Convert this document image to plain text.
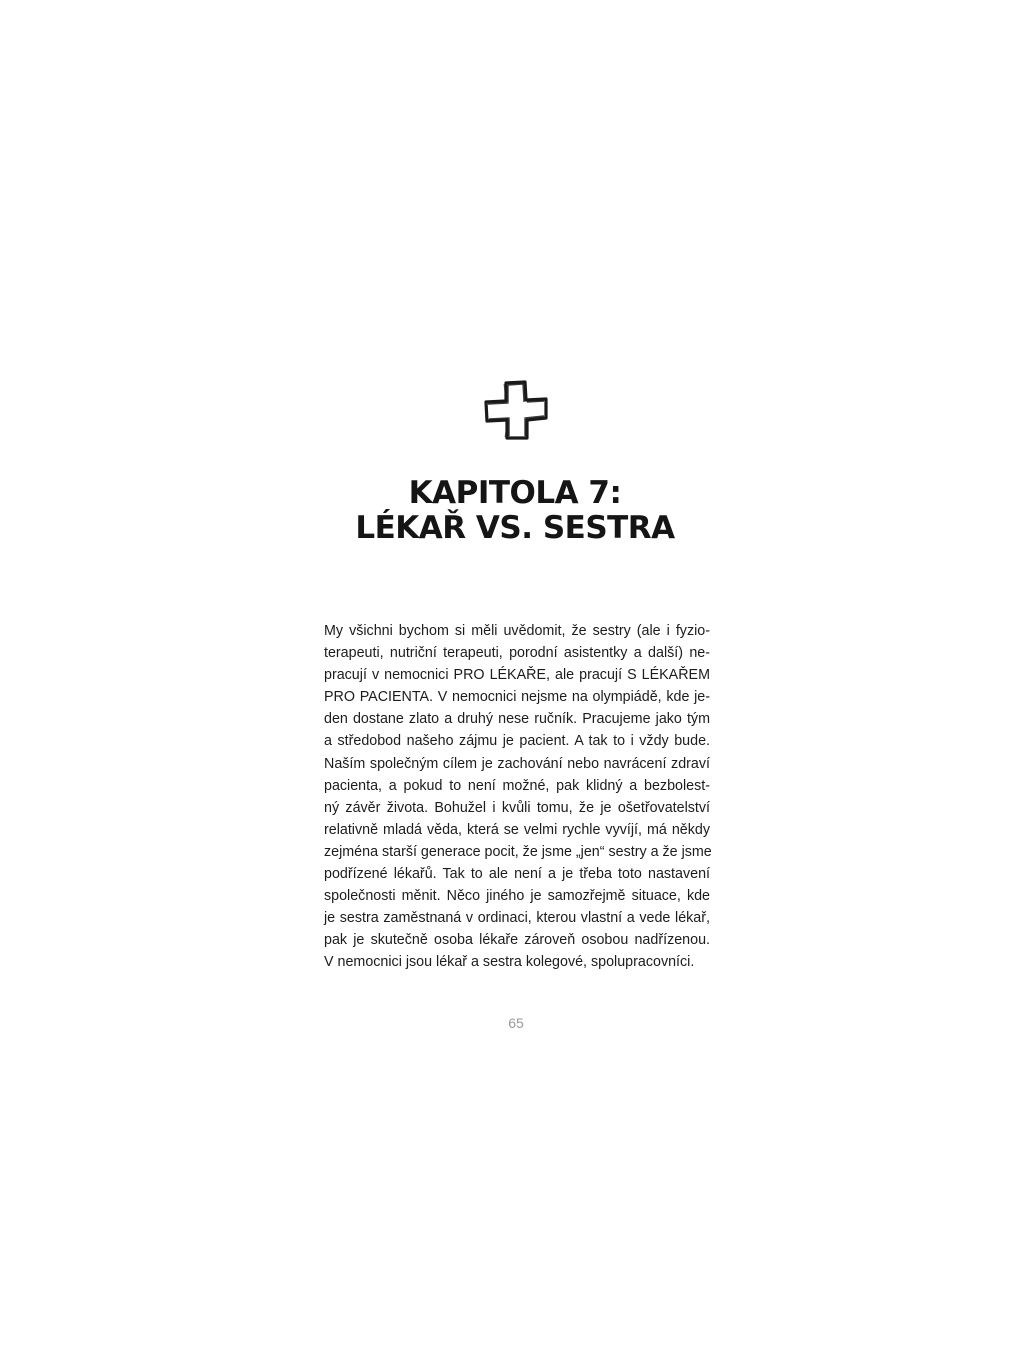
KAPITOLA 7:
LÉKAŘ VS. SESTRA
My všichni bychom si měli uvědomit, že sestry (ale i fyzio-
terapeuti, nutriční terapeuti, porodní asistentky a další) ne-
pracují v nemocnici PRO LÉKAŘE, ale pracují S LÉKAŘEM
PRO PACIENTA. V nemocnici nejsme na olympiádě, kde je-
den dostane zlato a druhý nese ručník. Pracujeme jako tým
a středobod našeho zájmu je pacient. A tak to i vždy bude.
Naším společným cílem je zachování nebo navrácení zdraví
pacienta, a pokud to není možné, pak klidný a bezbolest-
ný závěr života. Bohužel i kvůli tomu, že je ošetřovatelství
relativně mladá věda, která se velmi rychle vyvíjí, má někdy
zejména starší generace pocit, že jsme „jen“ sestry a že jsme
podřízené lékařů. Tak to ale není a je třeba toto nastavení
společnosti měnit. Něco jiného je samozřejmě situace, kde
je sestra zaměstnaná v ordinaci, kterou vlastní a vede lékař,
pak je skutečně osoba lékaře zároveň osobou nadřízenou.
V nemocnici jsou lékař a sestra kolegové, spolupracovníci.
65
